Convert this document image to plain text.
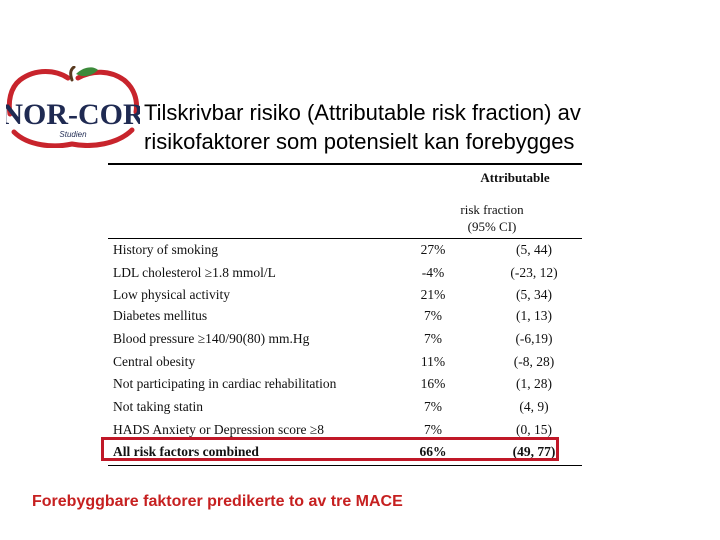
NOR-COR
Studien
Tilskrivbar risiko (Attributable risk fraction) av
risikofaktorer som potensielt kan forebygges
Attributable
risk fraction
(95% CI)
History of smoking	27%	(5, 44)
LDL cholesterol ≥1.8 mmol/L	-4%	(-23, 12)
Low physical activity	21%	(5, 34)
Diabetes mellitus	7%	(1, 13)
Blood pressure ≥140/90(80) mm.Hg	7%	(-6,19)
Central obesity	11%	(-8, 28)
Not participating in cardiac rehabilitation	16%	(1, 28)
Not taking statin	7%	(4, 9)
HADS Anxiety or Depression score ≥8	7%	(0, 15)
All risk factors combined	66%	(49, 77)
Forebyggbare faktorer predikerte to av tre MACE
